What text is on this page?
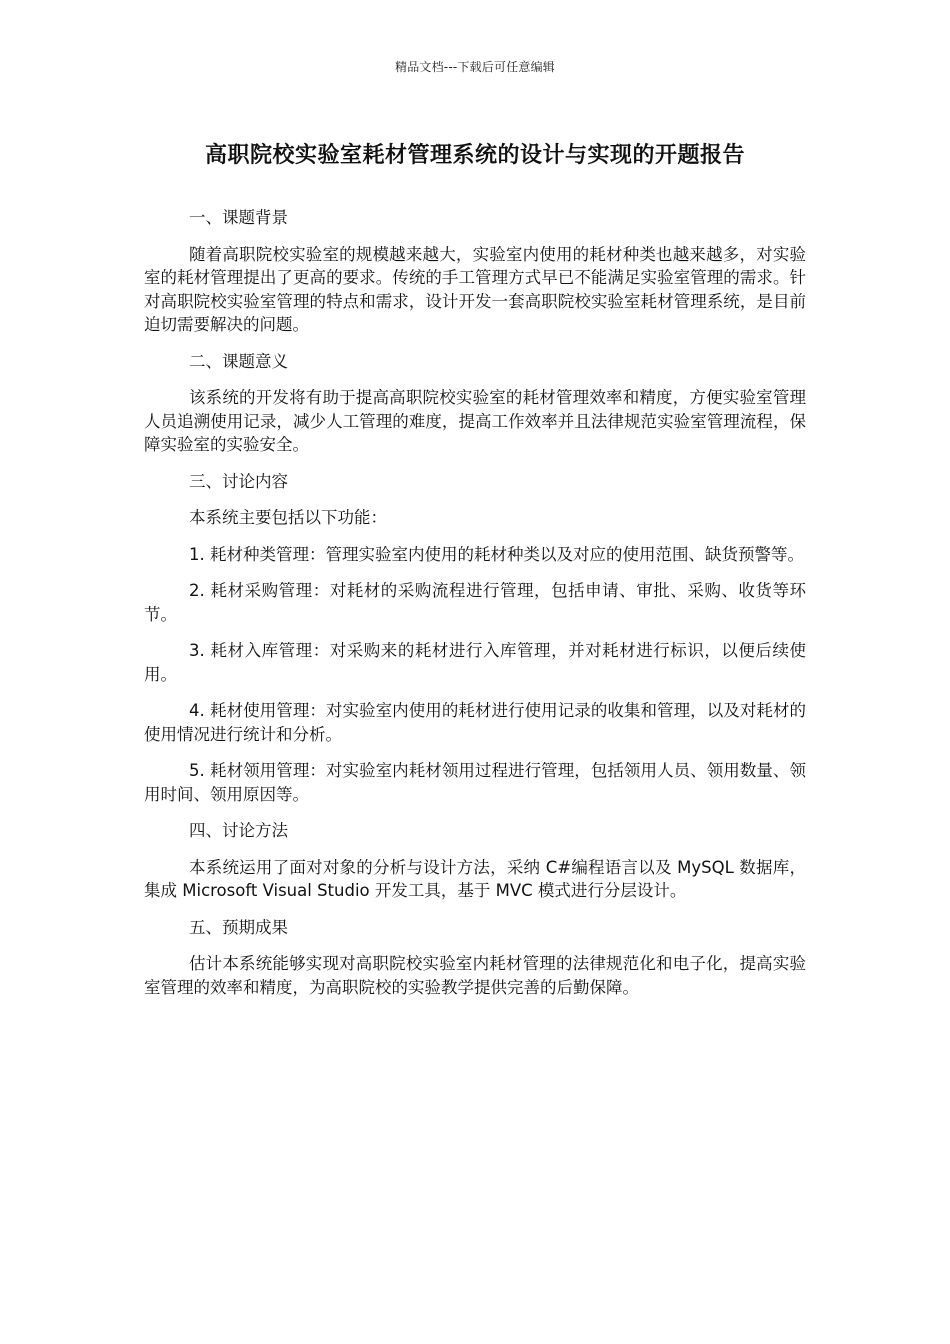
精品文档---下载后可任意编辑
高职院校实验室耗材管理系统的设计与实现的开题报告

一、课题背景

随着高职院校实验室的规模越来越大，实验室内使用的耗材种类也越来越多，对实验室的耗材管理提出了更高的要求。传统的手工管理方式早已不能满足实验室管理的需求。针对高职院校实验室管理的特点和需求，设计开发一套高职院校实验室耗材管理系统，是目前迫切需要解决的问题。

二、课题意义

该系统的开发将有助于提高高职院校实验室的耗材管理效率和精度，方便实验室管理人员追溯使用记录，减少人工管理的难度，提高工作效率并且法律规范实验室管理流程，保障实验室的实验安全。

三、讨论内容

本系统主要包括以下功能：

1. 耗材种类管理：管理实验室内使用的耗材种类以及对应的使用范围、缺货预警等。

2. 耗材采购管理：对耗材的采购流程进行管理，包括申请、审批、采购、收货等环节。

3. 耗材入库管理：对采购来的耗材进行入库管理，并对耗材进行标识，以便后续使用。

4. 耗材使用管理：对实验室内使用的耗材进行使用记录的收集和管理，以及对耗材的使用情况进行统计和分析。

5. 耗材领用管理：对实验室内耗材领用过程进行管理，包括领用人员、领用数量、领用时间、领用原因等。

四、讨论方法

本系统运用了面对对象的分析与设计方法，采纳 C#编程语言以及 MySQL 数据库，集成 Microsoft Visual Studio 开发工具，基于 MVC 模式进行分层设计。

五、预期成果

估计本系统能够实现对高职院校实验室内耗材管理的法律规范化和电子化，提高实验室管理的效率和精度，为高职院校的实验教学提供完善的后勤保障。
